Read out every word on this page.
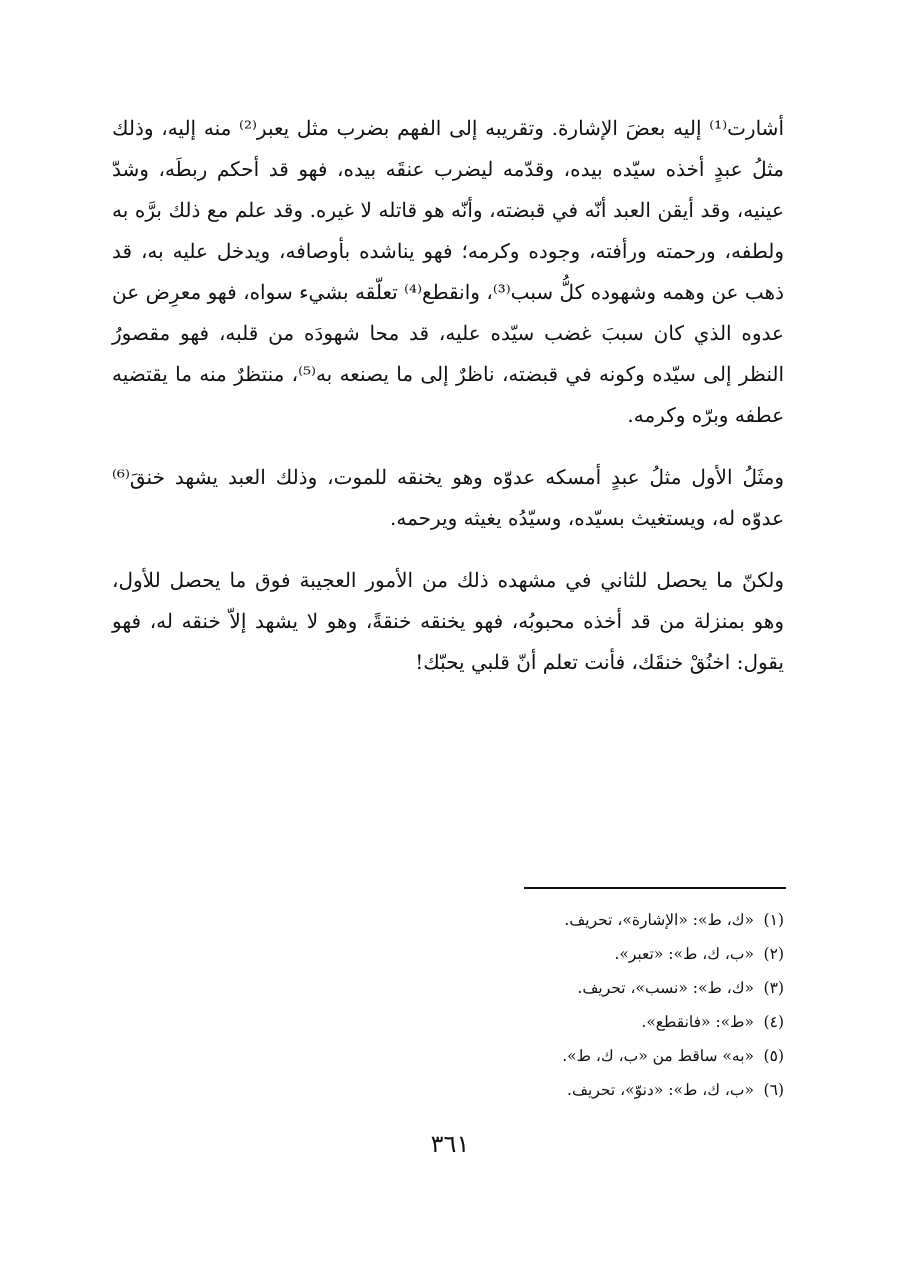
أشارت⁽¹⁾ إليه بعضَ الإشارة. وتقريبه إلى الفهم بضرب مثل يعبر⁽²⁾ منه إليه، وذلك مثلُ عبدٍ أخذه سيّده بيده، وقدّمه ليضرب عنقَه بيده، فهو قد أحكم ربطَه، وشدّ عينيه، وقد أيقن العبد أنّه في قبضته، وأنّه هو قاتله لا غيره. وقد علم مع ذلك برَّه به ولطفه، ورحمته ورأفته، وجوده وكرمه؛ فهو يناشده بأوصافه، ويدخل عليه به، قد ذهب عن وهمه وشهوده كلُّ سبب⁽³⁾، وانقطع⁽⁴⁾ تعلّقه بشيء سواه، فهو معرِض عن عدوه الذي كان سببَ غضب سيّده عليه، قد محا شهودَه من قلبه، فهو مقصورُ النظر إلى سيّده وكونه في قبضته، ناظرٌ إلى ما يصنعه به⁽⁵⁾، منتظرٌ منه ما يقتضيه عطفه وبرّه وكرمه.

ومثَلُ الأول مثلُ عبدٍ أمسكه عدوّه وهو يخنقه للموت، وذلك العبد يشهد خنقَ⁽⁶⁾ عدوّه له، ويستغيث بسيّده، وسيّدُه يغيثه ويرحمه.

ولكنّ ما يحصل للثاني في مشهده ذلك من الأمور العجيبة فوق ما يحصل للأول، وهو بمنزلة من قد أخذه محبوبُه، فهو يخنقه خنقةً، وهو لا يشهد إلاّ خنقه له، فهو يقول: اخنُقْ خنقَك، فأنت تعلم أنّ قلبي يحبّك!

(١)
«ك، ط»: «الإشارة»، تحريف.
(٢)
«ب، ك، ط»: «تعبر».
(٣)
«ك، ط»: «نسب»، تحريف.
(٤)
«ط»: «فانقطع».
(٥)
«به» ساقط من «ب، ك، ط».
(٦)
«ب، ك، ط»: «دنوّ»، تحريف.
٣٦١
